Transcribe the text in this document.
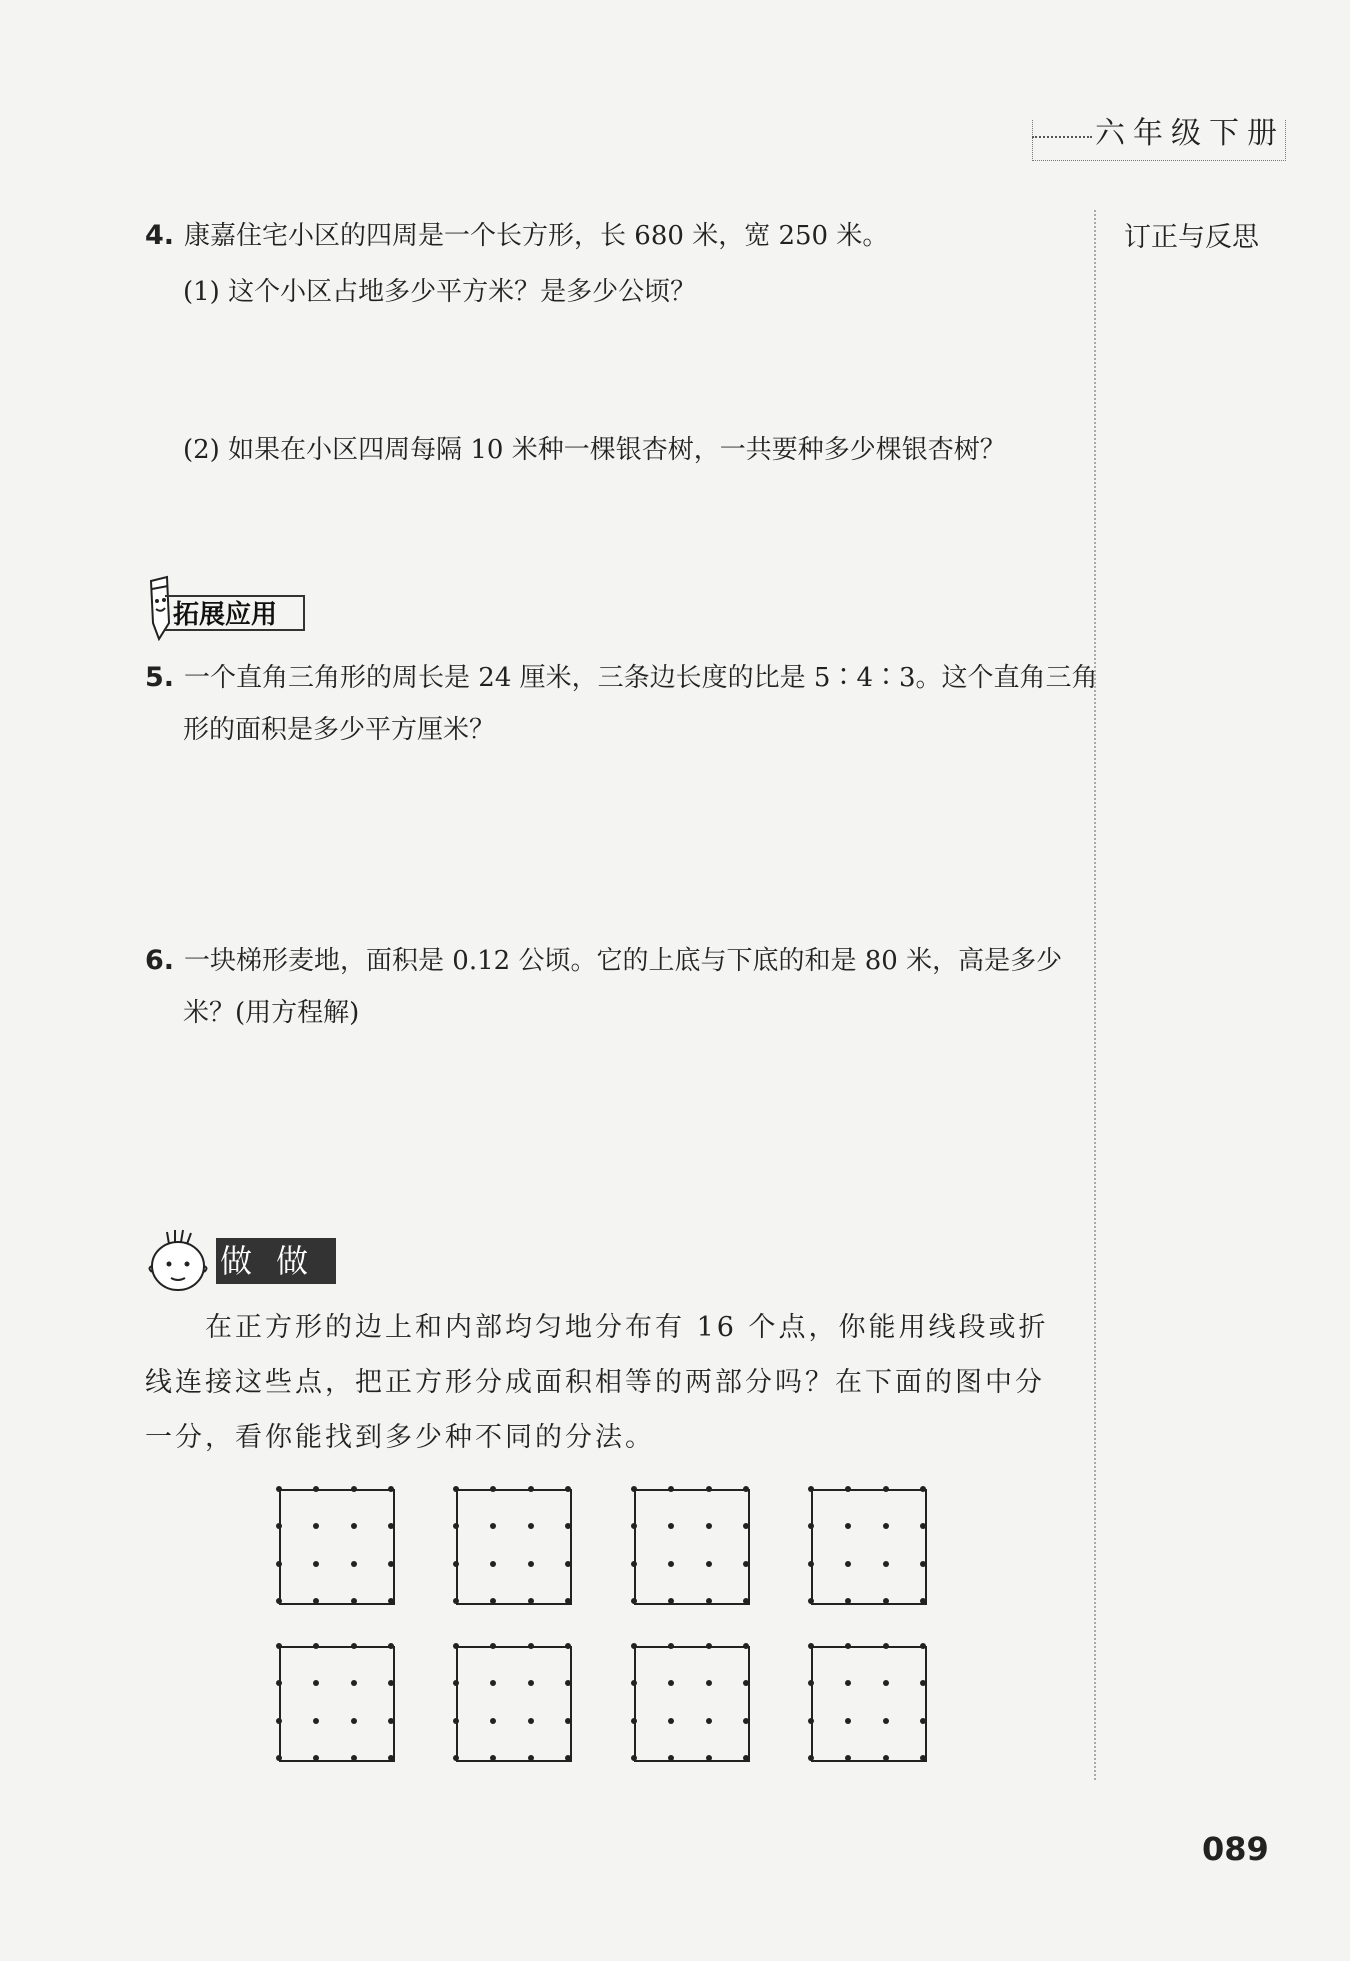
六年级下册
订正与反思
4. 康嘉住宅小区的四周是一个长方形，长 680 米，宽 250 米。
(1) 这个小区占地多少平方米？是多少公顷？
(2) 如果在小区四周每隔 10 米种一棵银杏树，一共要种多少棵银杏树？
拓展应用
5. 一个直角三角形的周长是 24 厘米，三条边长度的比是 5∶4∶3。这个直角三角形的面积是多少平方厘米？
6. 一块梯形麦地，面积是 0.12 公顷。它的上底与下底的和是 80 米，高是多少米？(用方程解)
做做
在正方形的边上和内部均匀地分布有 16 个点，你能用线段或折线连接这些点，把正方形分成面积相等的两部分吗？在下面的图中分一分，看你能找到多少种不同的分法。
089
